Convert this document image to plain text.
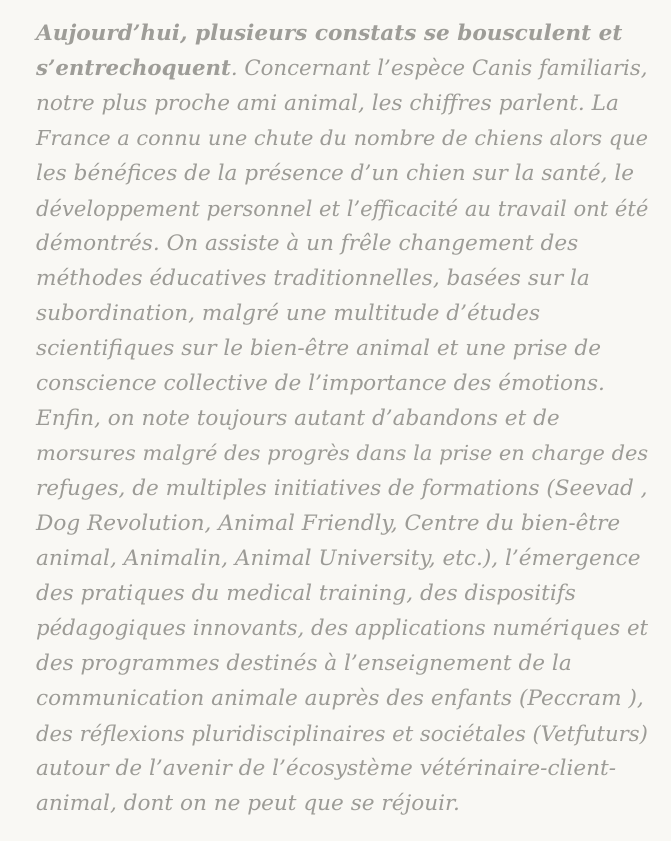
Aujourd’hui, plusieurs constats se bousculent et
s’entrechoquent. Concernant l’espèce Canis familiaris,
notre plus proche ami animal, les chiffres parlent. La
France a connu une chute du nombre de chiens alors que
les bénéfices de la présence d’un chien sur la santé, le
développement personnel et l’efficacité au travail ont été
démontrés. On assiste à un frêle changement des
méthodes éducatives traditionnelles, basées sur la
subordination, malgré une multitude d’études
scientifiques sur le bien-être animal et une prise de
conscience collective de l’importance des émotions.
Enfin, on note toujours autant d’abandons et de
morsures malgré des progrès dans la prise en charge des
refuges, de multiples initiatives de formations (Seevad ,
Dog Revolution, Animal Friendly, Centre du bien-être
animal, Animalin, Animal University, etc.), l’émergence
des pratiques du medical training, des dispositifs
pédagogiques innovants, des applications numériques et
des programmes destinés à l’enseignement de la
communication animale auprès des enfants (Peccram ),
des réflexions pluridisciplinaires et sociétales (Vetfuturs)
autour de l’avenir de l’écosystème vétérinaire-client-
animal, dont on ne peut que se réjouir.
